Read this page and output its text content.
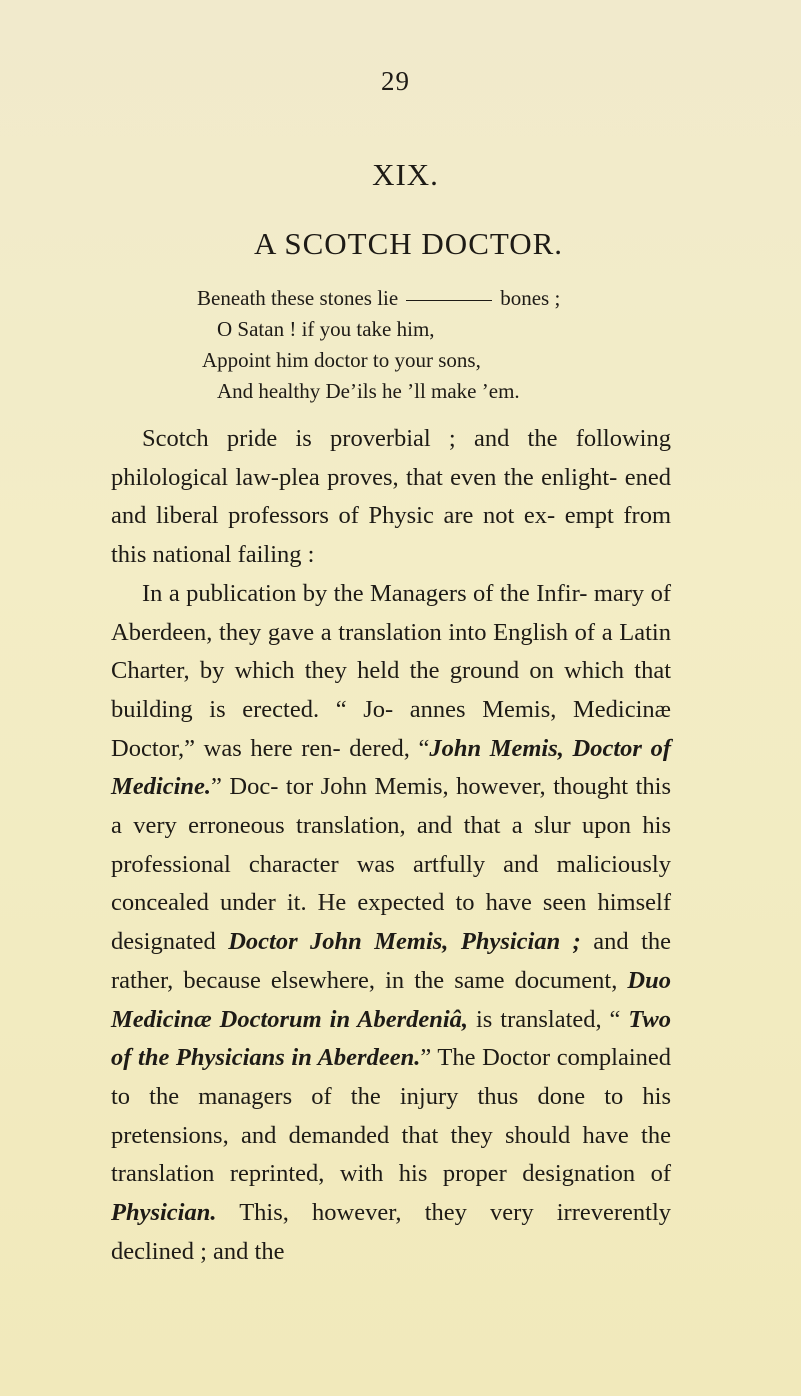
29
XIX.
A SCOTCH DOCTOR.
Beneath these stones lie	bones ;
O Satan ! if you take him,
Appoint him doctor to your sons,
And healthy De’ils he ’ll make ’em.

Scotch pride is proverbial ; and the following philological law-plea proves, that even the enlight- ened and liberal professors of Physic are not ex- empt from this national failing :

In a publication by the Managers of the Infir- mary of Aberdeen, they gave a translation into English of a Latin Charter, by which they held the ground on which that building is erected. “ Jo- annes Memis, Medicinæ Doctor,” was here ren- dered, “John Memis, Doctor of Medicine.” Doc- tor John Memis, however, thought this a very erroneous translation, and that a slur upon his professional character was artfully and maliciously concealed under it. He expected to have seen himself designated Doctor John Memis, Physician ; and the rather, because elsewhere, in the same document, Duo Medicinæ Doctorum in Aberdeniâ, is translated, “ Two of the Physicians in Aberdeen.” The Doctor complained to the managers of the injury thus done to his pretensions, and demanded that they should have the translation reprinted, with his proper designation of Physician. This, however, they very irreverently declined ; and the
